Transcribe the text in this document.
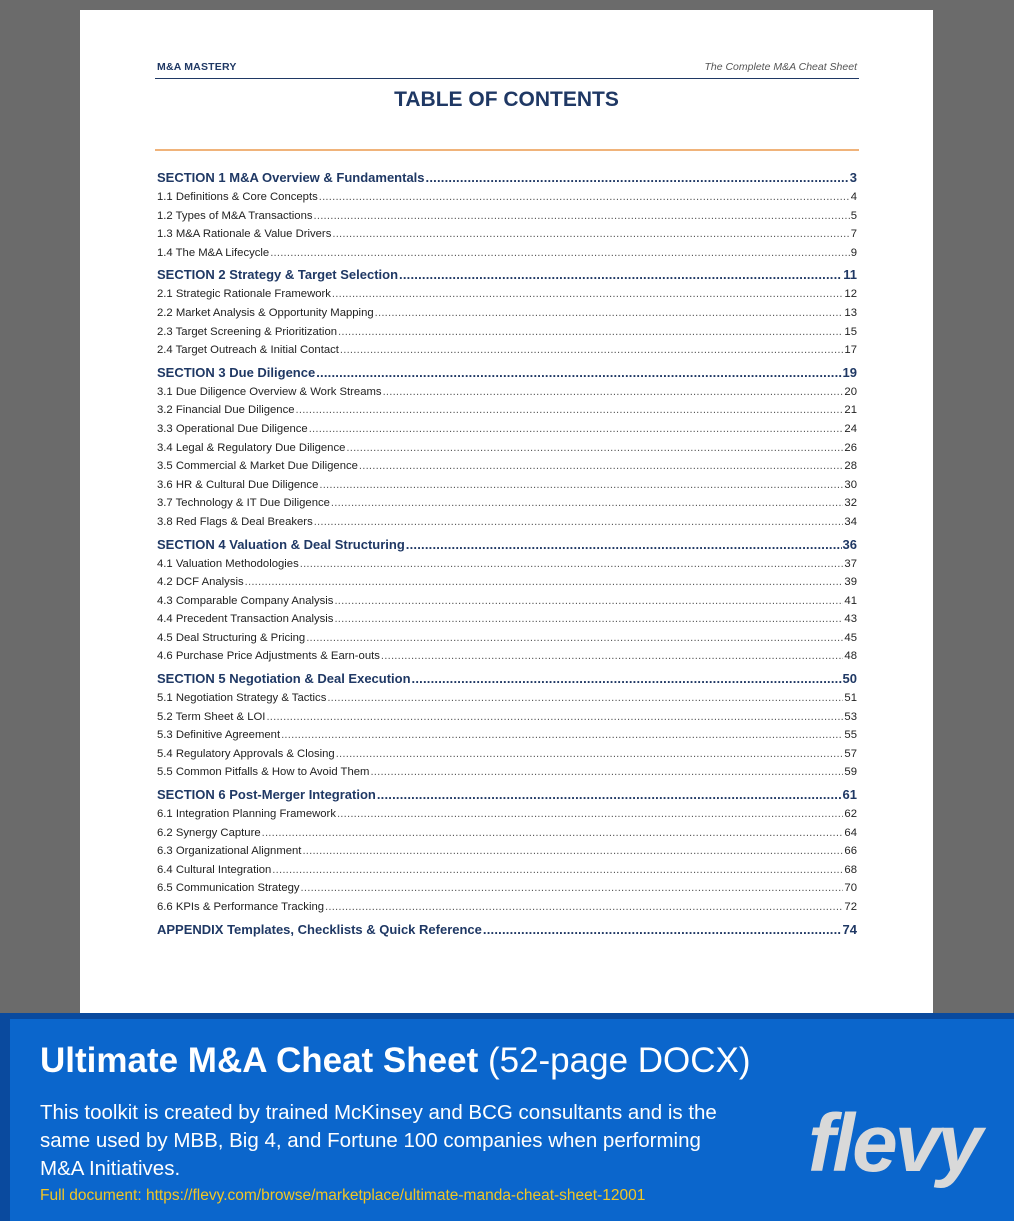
M&A MASTERY	The Complete M&A Cheat Sheet
TABLE OF CONTENTS
SECTION 1 M&A Overview & Fundamentals .....	3
1.1 Definitions & Core Concepts .....	4
1.2 Types of M&A Transactions .....	5
1.3 M&A Rationale & Value Drivers .....	7
1.4 The M&A Lifecycle .....	9
SECTION 2 Strategy & Target Selection .....	11
2.1 Strategic Rationale Framework .....	12
2.2 Market Analysis & Opportunity Mapping .....	13
2.3 Target Screening & Prioritization .....	15
2.4 Target Outreach & Initial Contact .....	17
SECTION 3 Due Diligence .....	19
3.1 Due Diligence Overview & Work Streams .....	20
3.2 Financial Due Diligence .....	21
3.3 Operational Due Diligence .....	24
3.4 Legal & Regulatory Due Diligence .....	26
3.5 Commercial & Market Due Diligence .....	28
3.6 HR & Cultural Due Diligence .....	30
3.7 Technology & IT Due Diligence .....	32
3.8 Red Flags & Deal Breakers .....	34
SECTION 4 Valuation & Deal Structuring .....	36
4.1 Valuation Methodologies .....	37
4.2 DCF Analysis .....	39
4.3 Comparable Company Analysis .....	41
4.4 Precedent Transaction Analysis .....	43
4.5 Deal Structuring & Pricing .....	45
4.6 Purchase Price Adjustments & Earn-outs .....	48
SECTION 5 Negotiation & Deal Execution .....	50
5.1 Negotiation Strategy & Tactics .....	51
5.2 Term Sheet & LOI .....	53
5.3 Definitive Agreement .....	55
5.4 Regulatory Approvals & Closing .....	57
5.5 Common Pitfalls & How to Avoid Them .....	59
SECTION 6 Post-Merger Integration .....	61
6.1 Integration Planning Framework .....	62
6.2 Synergy Capture .....	64
6.3 Organizational Alignment .....	66
6.4 Cultural Integration .....	68
6.5 Communication Strategy .....	70
6.6 KPIs & Performance Tracking .....	72
APPENDIX Templates, Checklists & Quick Reference .....	74
Ultimate M&A Cheat Sheet (52-page DOCX)
This toolkit is created by trained McKinsey and BCG consultants and is the same used by MBB, Big 4, and Fortune 100 companies when performing M&A Initiatives.
Full document: https://flevy.com/browse/marketplace/ultimate-manda-cheat-sheet-12001
flevy
